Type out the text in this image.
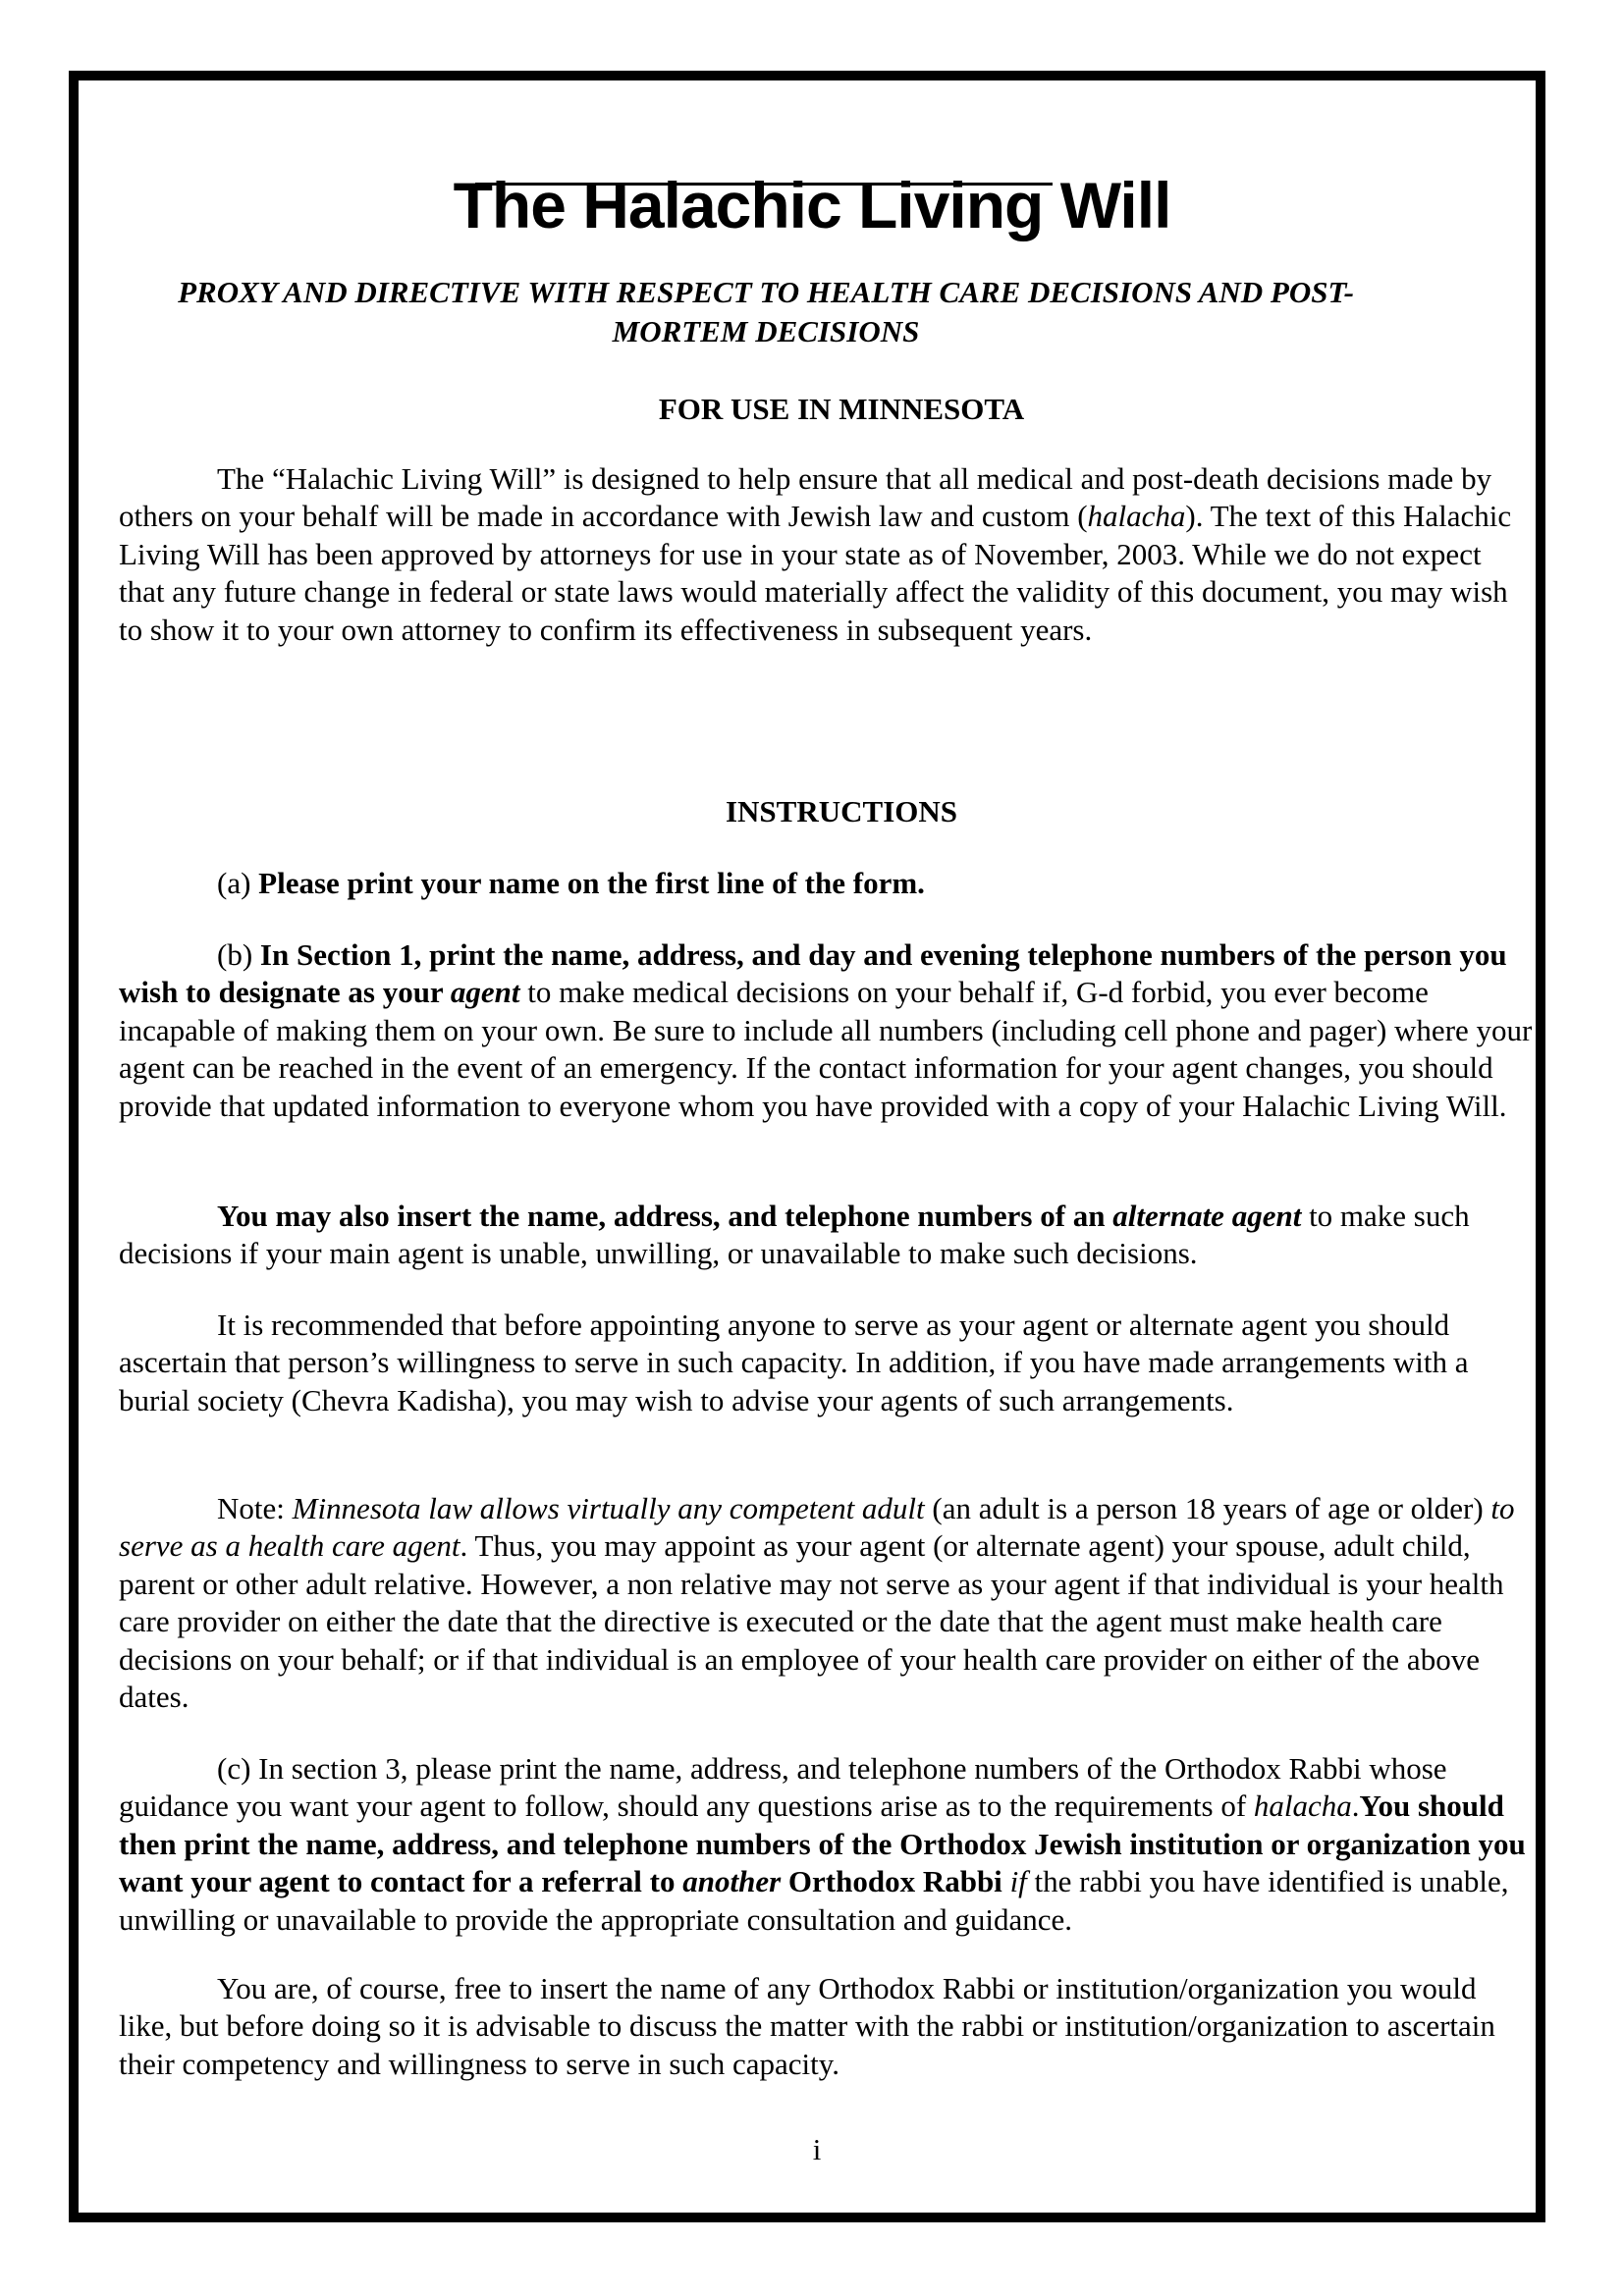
The Halachic Living Will

PROXY AND DIRECTIVE WITH RESPECT TO HEALTH CARE DECISIONS AND POST-MORTEM DECISIONS

FOR USE IN MINNESOTA

The “Halachic Living Will” is designed to help ensure that all medical and post-death decisions made by others on your behalf will be made in accordance with Jewish law and custom (halacha). The text of this Halachic Living Will has been approved by attorneys for use in your state as of November, 2003. While we do not expect that any future change in federal or state laws would materially affect the validity of this document, you may wish to show it to your own attorney to confirm its effectiveness in subsequent years.

INSTRUCTIONS

(a) Please print your name on the first line of the form.

(b) In Section 1, print the name, address, and day and evening telephone numbers of the person you wish to designate as your agent to make medical decisions on your behalf if, G-d forbid, you ever become incapable of making them on your own. Be sure to include all numbers (including cell phone and pager) where your agent can be reached in the event of an emergency. If the contact information for your agent changes, you should provide that updated information to everyone whom you have provided with a copy of your Halachic Living Will.

You may also insert the name, address, and telephone numbers of an alternate agent to make such decisions if your main agent is unable, unwilling, or unavailable to make such decisions.

It is recommended that before appointing anyone to serve as your agent or alternate agent you should ascertain that person’s willingness to serve in such capacity. In addition, if you have made arrangements with a burial society (Chevra Kadisha), you may wish to advise your agents of such arrangements.

Note: Minnesota law allows virtually any competent adult (an adult is a person 18 years of age or older) to serve as a health care agent. Thus, you may appoint as your agent (or alternate agent) your spouse, adult child, parent or other adult relative. However, a non relative may not serve as your agent if that individual is your health care provider on either the date that the directive is executed or the date that the agent must make health care decisions on your behalf; or if that individual is an employee of your health care provider on either of the above dates.

(c) In section 3, please print the name, address, and telephone numbers of the Orthodox Rabbi whose guidance you want your agent to follow, should any questions arise as to the requirements of halacha.You should then print the name, address, and telephone numbers of the Orthodox Jewish institution or organization you want your agent to contact for a referral to another Orthodox Rabbi if the rabbi you have identified is unable, unwilling or unavailable to provide the appropriate consultation and guidance.

You are, of course, free to insert the name of any Orthodox Rabbi or institution/organization you would like, but before doing so it is advisable to discuss the matter with the rabbi or institution/organization to ascertain their competency and willingness to serve in such capacity.

i
